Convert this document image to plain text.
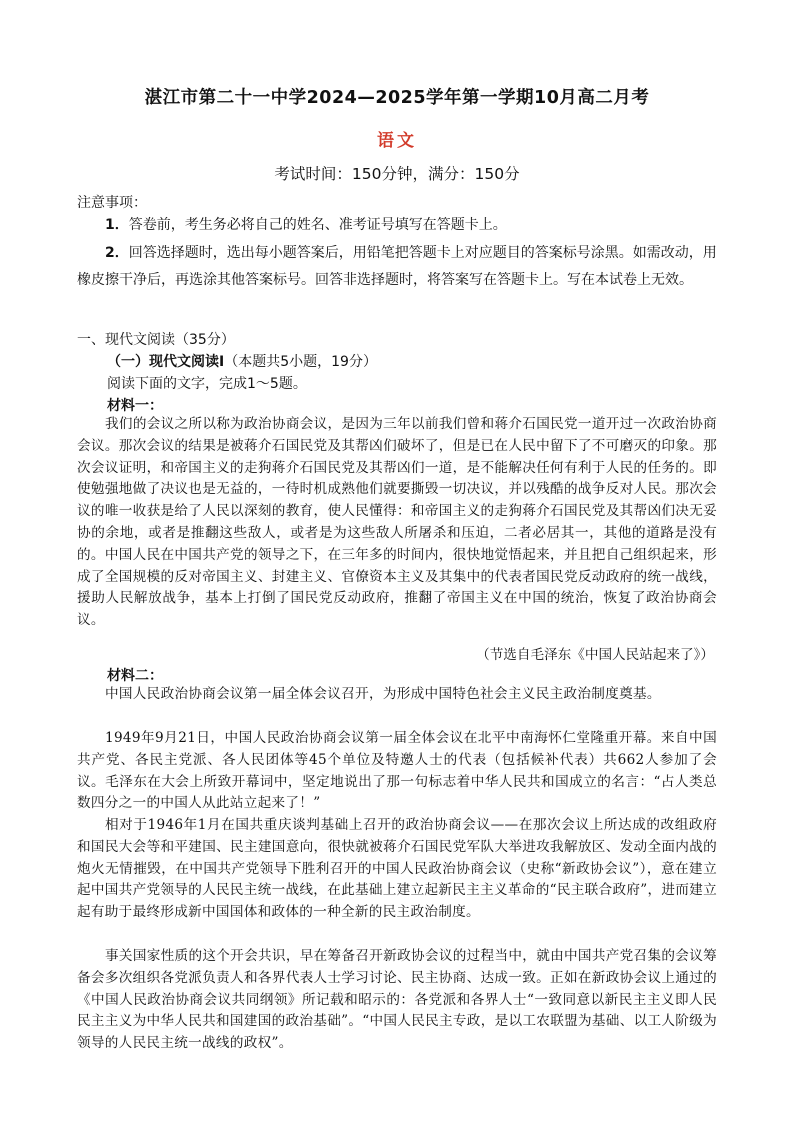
湛江市第二十一中学2024—2025学年第一学期10月高二月考
语文
考试时间：150分钟，满分：150分
注意事项：
1．答卷前，考生务必将自己的姓名、准考证号填写在答题卡上。
2．回答选择题时，选出每小题答案后，用铅笔把答题卡上对应题目的答案标号涂黑。如需改动，用橡皮擦干净后，再选涂其他答案标号。回答非选择题时，将答案写在答题卡上。写在本试卷上无效。
一、现代文阅读（35分）
（一）现代文阅读Ⅰ（本题共5小题，19分）
阅读下面的文字，完成1～5题。
材料一：
我们的会议之所以称为政治协商会议，是因为三年以前我们曾和蒋介石国民党一道开过一次政治协商会议。那次会议的结果是被蒋介石国民党及其帮凶们破坏了，但是已在人民中留下了不可磨灭的印象。那次会议证明，和帝国主义的走狗蒋介石国民党及其帮凶们一道，是不能解决任何有利于人民的任务的。即使勉强地做了决议也是无益的，一待时机成熟他们就要撕毁一切决议，并以残酷的战争反对人民。那次会议的唯一收获是给了人民以深刻的教育，使人民懂得：和帝国主义的走狗蒋介石国民党及其帮凶们决无妥协的余地，或者是推翻这些敌人，或者是为这些敌人所屠杀和压迫，二者必居其一，其他的道路是没有的。中国人民在中国共产党的领导之下，在三年多的时间内，很快地觉悟起来，并且把自己组织起来，形成了全国规模的反对帝国主义、封建主义、官僚资本主义及其集中的代表者国民党反动政府的统一战线，援助人民解放战争，基本上打倒了国民党反动政府，推翻了帝国主义在中国的统治，恢复了政治协商会议。
（节选自毛泽东《中国人民站起来了》）
材料二：
中国人民政治协商会议第一届全体会议召开，为形成中国特色社会主义民主政治制度奠基。
1949年9月21日，中国人民政治协商会议第一届全体会议在北平中南海怀仁堂隆重开幕。来自中国共产党、各民主党派、各人民团体等45个单位及特邀人士的代表（包括候补代表）共662人参加了会议。毛泽东在大会上所致开幕词中，坚定地说出了那一句标志着中华人民共和国成立的名言：“占人类总数四分之一的中国人从此站立起来了！”
相对于1946年1月在国共重庆谈判基础上召开的政治协商会议——在那次会议上所达成的改组政府和国民大会等和平建国、民主建国意向，很快就被蒋介石国民党军队大举进攻我解放区、发动全面内战的炮火无情摧毁，在中国共产党领导下胜利召开的中国人民政治协商会议（史称“新政协会议”），意在建立起中国共产党领导的人民民主统一战线，在此基础上建立起新民主主义革命的“民主联合政府”，进而建立起有助于最终形成新中国国体和政体的一种全新的民主政治制度。
事关国家性质的这个开会共识，早在筹备召开新政协会议的过程当中，就由中国共产党召集的会议筹备会多次组织各党派负责人和各界代表人士学习讨论、民主协商、达成一致。正如在新政协会议上通过的《中国人民政治协商会议共同纲领》所记载和昭示的：各党派和各界人士“一致同意以新民主主义即人民民主主义为中华人民共和国建国的政治基础”。“中国人民民主专政，是以工农联盟为基础、以工人阶级为领导的人民民主统一战线的政权”。
